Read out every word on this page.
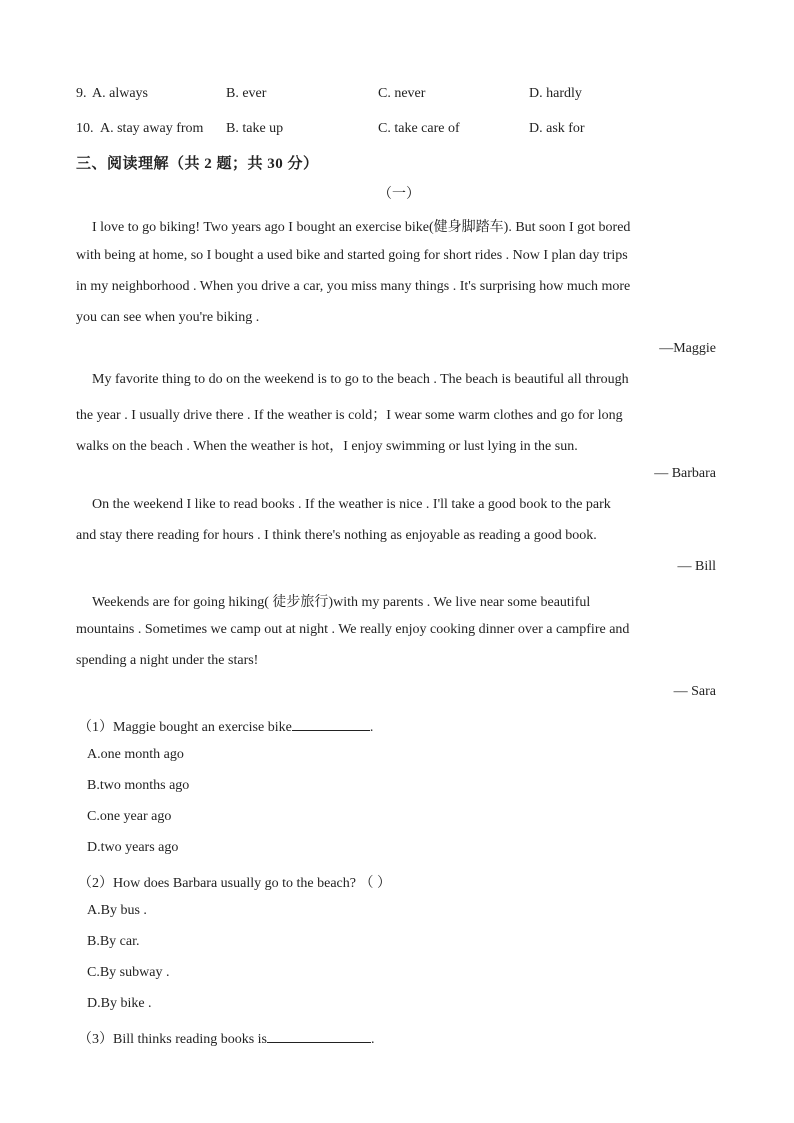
9. A. always	B. ever	C. never	D. hardly
10. A. stay away from B. take up	C. take care of	D. ask for
三、阅读理解（共 2 题；共 30 分）
（一）
I love to go biking! Two years ago I bought an exercise bike(健身脚踏车). But soon I got bored
with being at home, so I bought a used bike and started going for short rides . Now I plan day trips
in my neighborhood . When you drive a car, you miss many things . It's surprising how much more
you can see when you're biking .
—Maggie
My favorite thing to do on the weekend is to go to the beach . The beach is beautiful all through
the year . I usually drive there . If the weather is cold；I wear some warm clothes and go for long
walks on the beach . When the weather is hot，I enjoy swimming or lust lying in the sun.
— Barbara
On the weekend I like to read books . If the weather is nice . I'll take a good book to the park
and stay there reading for hours . I think there's nothing as enjoyable as reading a good book.
— Bill
Weekends are for going hiking( 徒步旅行)with my parents . We live near some beautiful
mountains . Sometimes we camp out at night . We really enjoy cooking dinner over a campfire and
spending a night under the stars!
— Sara
（1）Maggie bought an exercise bike	.
A.one month ago
B.two months ago
C.one year ago
D.two years ago
（2）How does Barbara usually go to the beach? （ ）
A.By bus .
B.By car.
C.By subway .
D.By bike .
（3）Bill thinks reading books is	.
